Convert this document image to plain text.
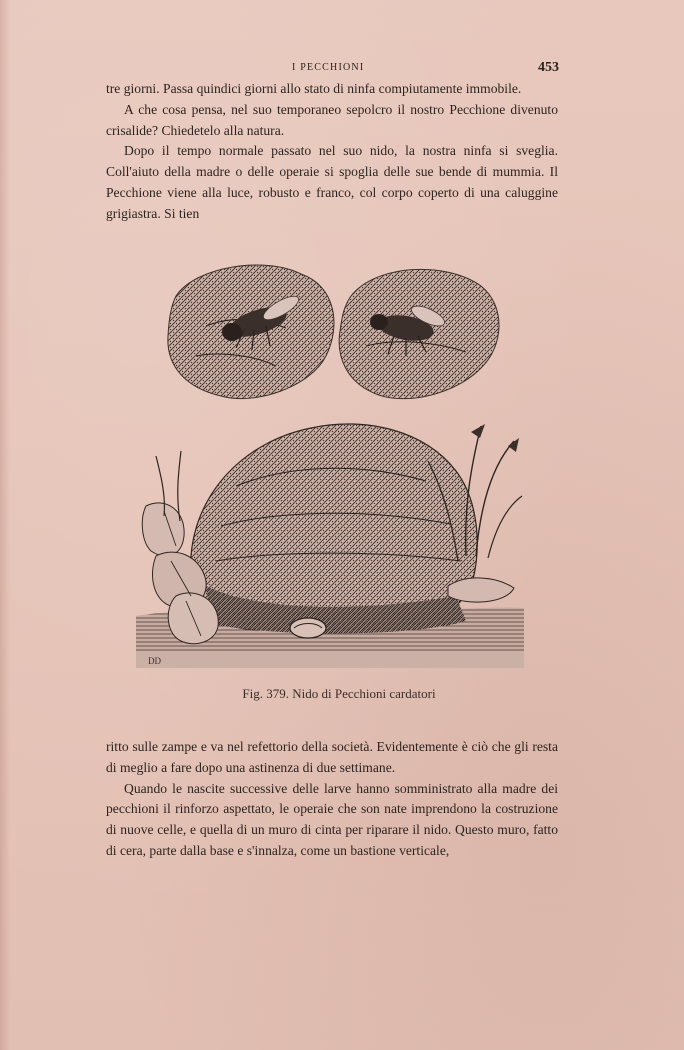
I PECCHIONI	453

tre giorni. Passa quindici giorni allo stato di ninfa compiutamente immobile.

A che cosa pensa, nel suo temporaneo sepolcro il nostro Pecchione divenuto crisalide? Chiedetelo alla natura.

Dopo il tempo normale passato nel suo nido, la nostra ninfa si sveglia. Coll'aiuto della madre o delle operaie si spoglia delle sue bende di mummia. Il Pecchione viene alla luce, robusto e franco, col corpo coperto di una caluggine grigiastra. Si tien

DD
Fig. 379. Nido di Pecchioni cardatori

ritto sulle zampe e va nel refettorio della società. Evidentemente è ciò che gli resta di meglio a fare dopo una astinenza di due settimane.

Quando le nascite successive delle larve hanno somministrato alla madre dei pecchioni il rinforzo aspettato, le operaie che son nate imprendono la costruzione di nuove celle, e quella di un muro di cinta per riparare il nido. Questo muro, fatto di cera, parte dalla base e s'innalza, come un bastione verticale,
